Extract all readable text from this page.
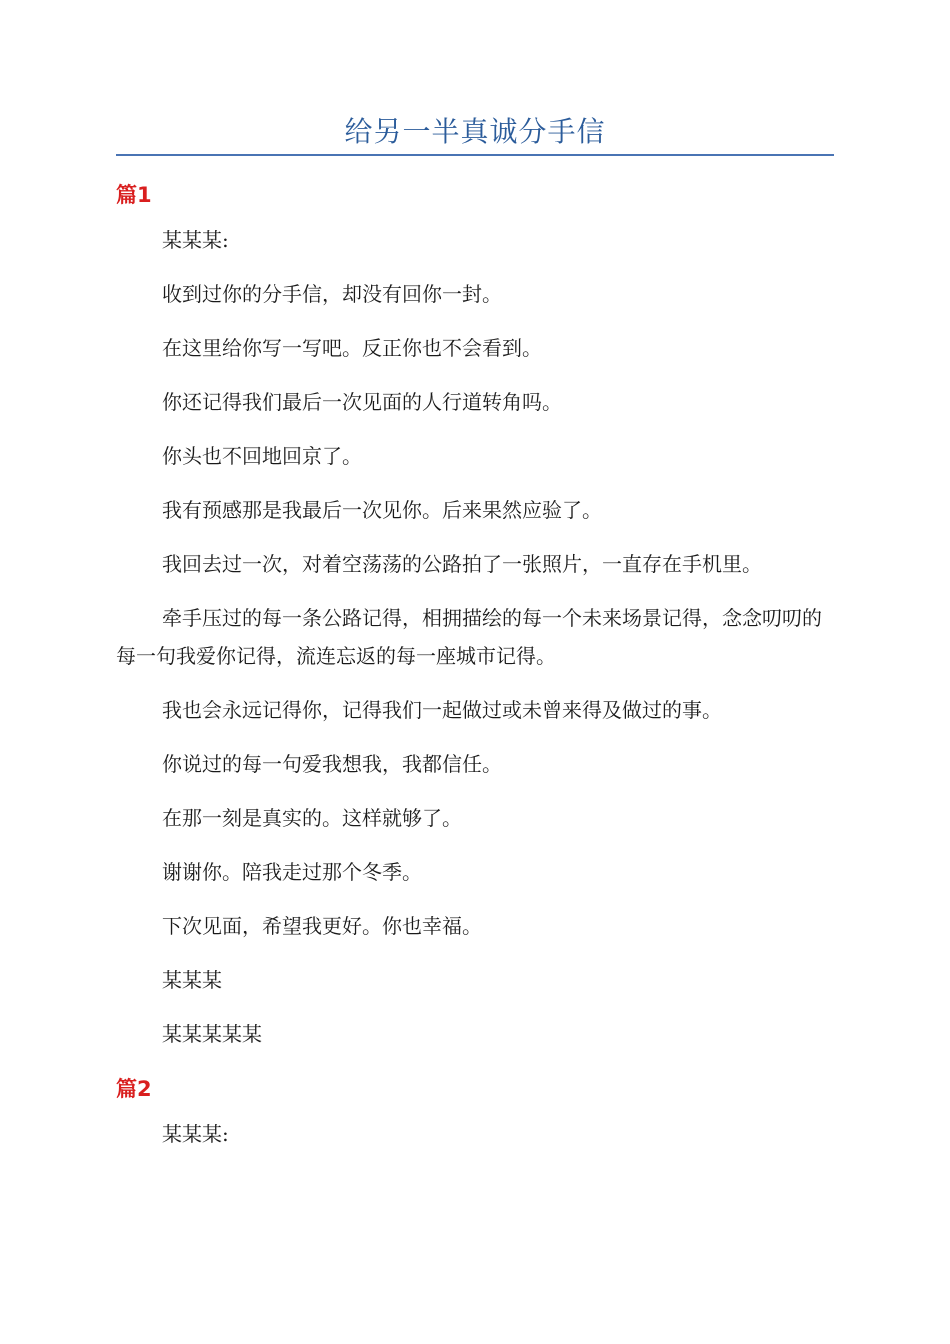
给另一半真诚分手信
篇1

某某某:

收到过你的分手信，却没有回你一封。

在这里给你写一写吧。反正你也不会看到。

你还记得我们最后一次见面的人行道转角吗。

你头也不回地回京了。

我有预感那是我最后一次见你。后来果然应验了。

我回去过一次，对着空荡荡的公路拍了一张照片，一直存在手机里。

牵手压过的每一条公路记得，相拥描绘的每一个未来场景记得，念念叨叨的每一句我爱你记得，流连忘返的每一座城市记得。

我也会永远记得你，记得我们一起做过或未曾来得及做过的事。

你说过的每一句爱我想我，我都信任。

在那一刻是真实的。这样就够了。

谢谢你。陪我走过那个冬季。

下次见面，希望我更好。你也幸福。

某某某

某某某某某

篇2

某某某:
